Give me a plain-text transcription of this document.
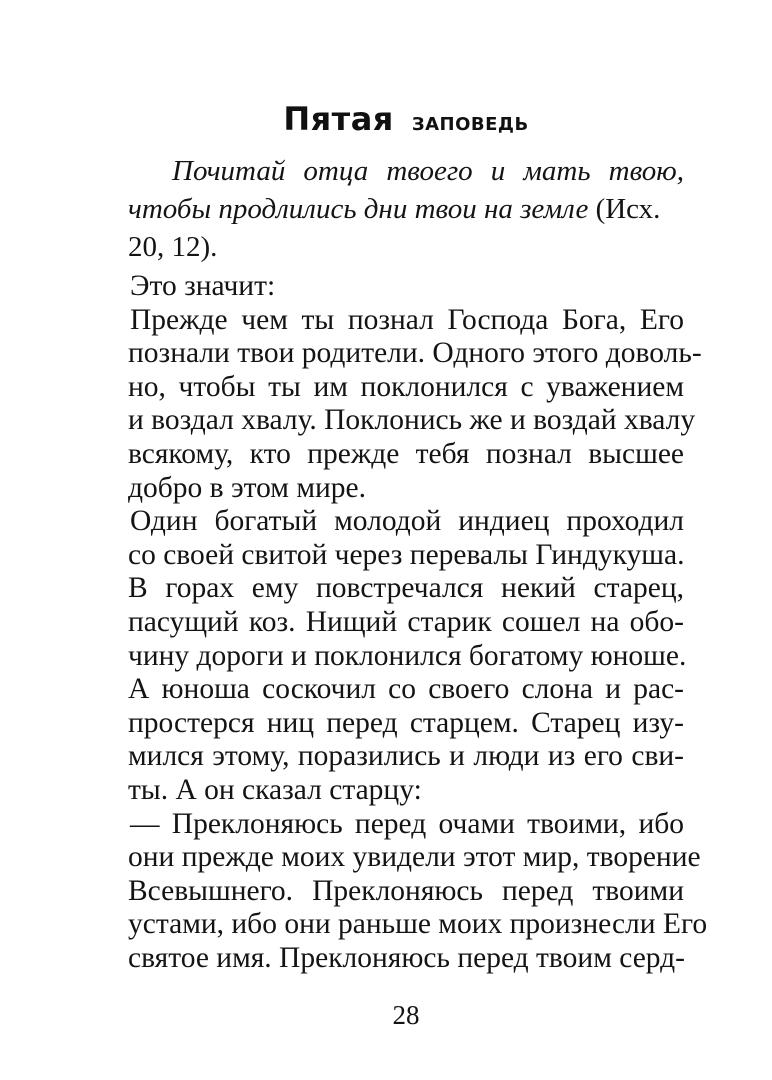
Пятая заповедь
Почитай отца твоего и мать твою,
чтобы продлились дни твои на земле (Исх.
20, 12).
Это значит:
Прежде чем ты познал Господа Бога, Его
познали твои родители. Одного этого доволь-
но, чтобы ты им поклонился с уважением
и воздал хвалу. Поклонись же и воздай хвалу
всякому, кто прежде тебя познал высшее
добро в этом мире.
Один богатый молодой индиец проходил
со своей свитой через перевалы Гиндукуша.
В горах ему повстречался некий старец,
пасущий коз. Нищий старик сошел на обо-
чину дороги и поклонился богатому юноше.
А юноша соскочил со своего слона и рас-
простерся ниц перед старцем. Старец изу-
мился этому, поразились и люди из его сви-
ты. А он сказал старцу:
— Преклоняюсь перед очами твоими, ибо
они прежде моих увидели этот мир, творение
Всевышнего. Преклоняюсь перед твоими
устами, ибо они раньше моих произнесли Его
святое имя. Преклоняюсь перед твоим серд-
28
